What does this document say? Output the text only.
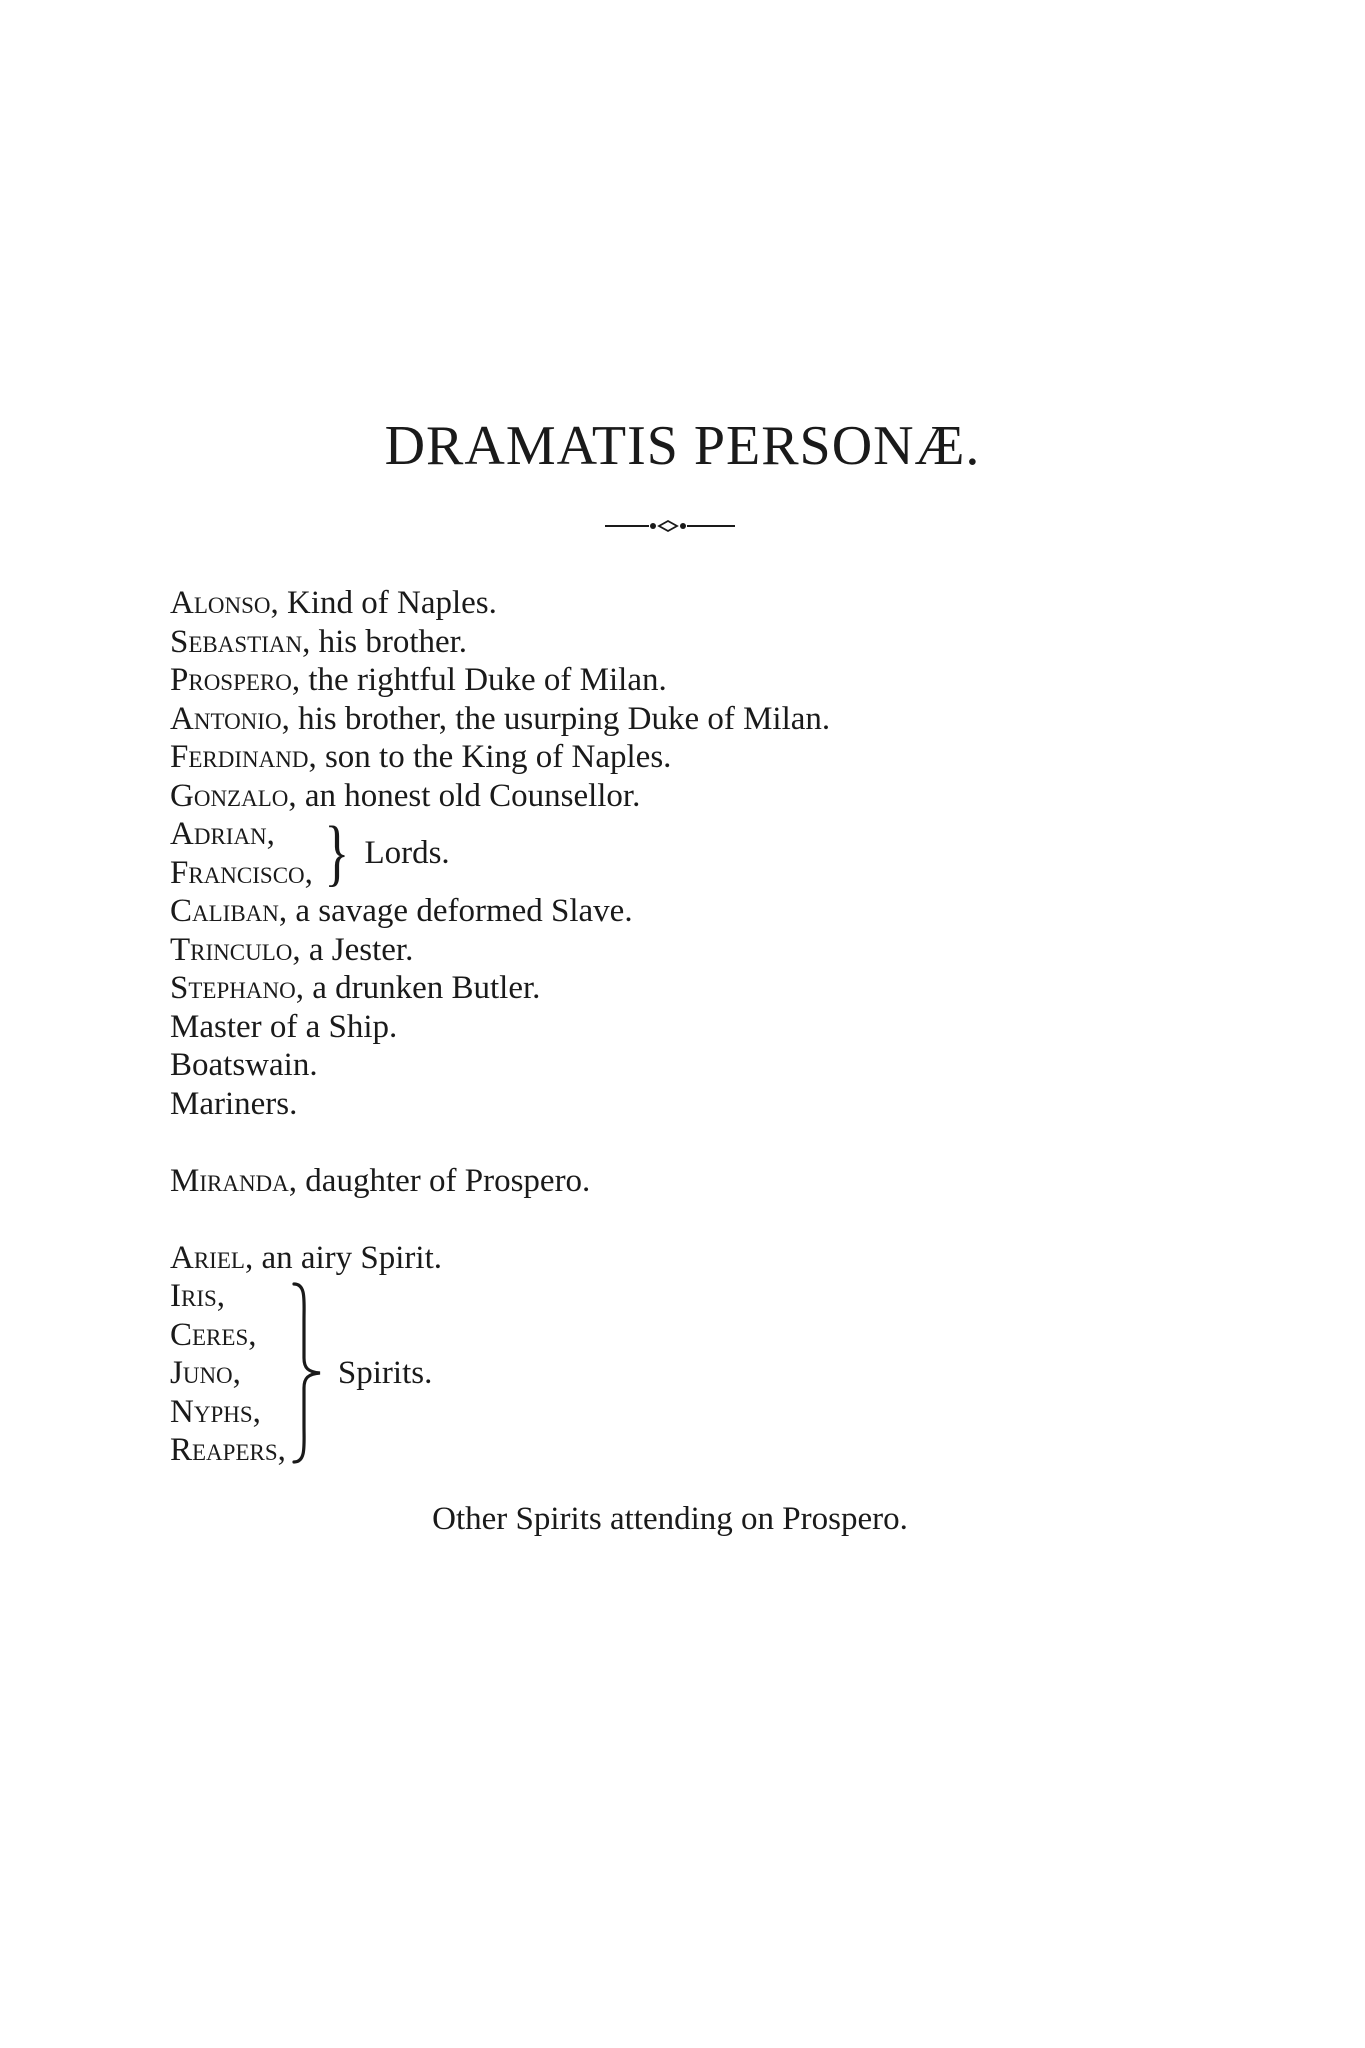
DRAMATIS PERSONÆ.
Alonso, Kind of Naples.
Sebastian, his brother.
Prospero, the rightful Duke of Milan.
Antonio, his brother, the usurping Duke of Milan.
Ferdinand, son to the King of Naples.
Gonzalo, an honest old Counsellor.
Adrian,
Francisco, } Lords.
Caliban, a savage deformed Slave.
Trinculo, a Jester.
Stephano, a drunken Butler.
Master of a Ship.
Boatswain.
Mariners.
Miranda, daughter of Prospero.
Ariel, an airy Spirit.
Iris,
Ceres,
Juno,
Nyphs,
Reapers,
Spirits.
Other Spirits attending on Prospero.
